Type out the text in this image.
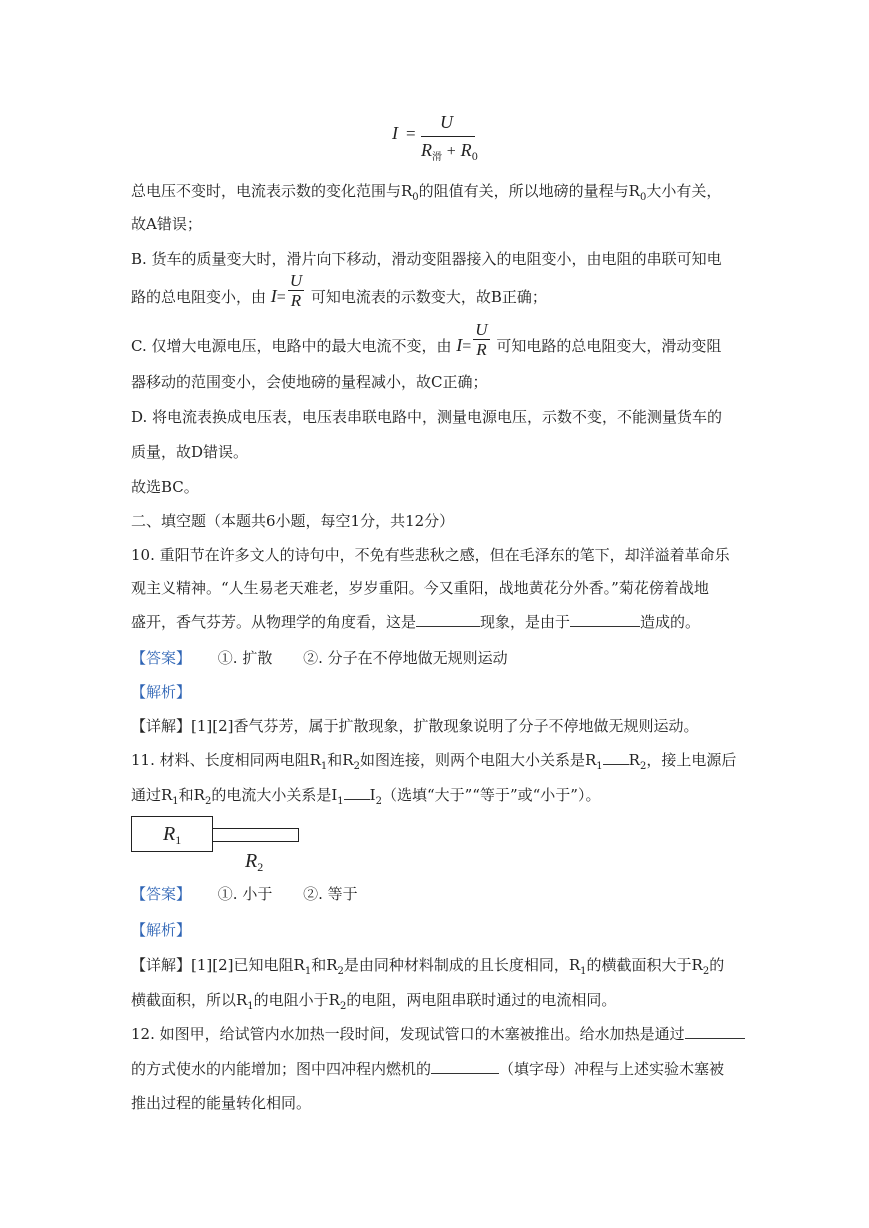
I =
U
$R_滑 + R_0$
总电压不变时，电流表示数的变化范围与$R_0$的阻值有关，所以地磅的量程与$R_0$大小有关，
故A错误；
B. 货车的质量变大时，滑片向下移动，滑动变阻器接入的电阻变小，由电阻的串联可知电
路的总电阻变小，由 $I= \frac{U}{R}$ 可知电流表的示数变大，故B正确；
C. 仅增大电源电压，电路中的最大电流不变，由 $I= \frac{U}{R}$ 可知电路的总电阻变大，滑动变阻
器移动的范围变小，会使地磅的量程减小，故C正确；
D. 将电流表换成电压表，电压表串联电路中，测量电源电压，示数不变，不能测量货车的
质量，故D错误。
故选BC。
二、填空题（本题共6小题，每空1分，共12分）
10. 重阳节在许多文人的诗句中，不免有些悲秋之感，但在毛泽东的笔下，却洋溢着革命乐
观主义精神。“人生易老天难老，岁岁重阳。今又重阳，战地黄花分外香。”菊花傍着战地
盛开，香气芬芳。从物理学的角度看，这是	现象，是由于	造成的。
【答案】 ①. 扩散 ②. 分子在不停地做无规则运动
【解析】
【详解】[1][2]香气芬芳，属于扩散现象，扩散现象说明了分子不停地做无规则运动。
11. 材料、长度相同两电阻$R_1$和$R_2$如图连接，则两个电阻大小关系是$R_1$ $R_2$，接上电源后
通过$R_1$和$R_2$的电流大小关系是$I_1$ $I_2$（选填“大于”“等于”或“小于”）。
$R_1$
$R_2$
【答案】 ①. 小于 ②. 等于
【解析】
【详解】[1][2]已知电阻$R_1$和$R_2$是由同种材料制成的且长度相同，$R_1$的横截面积大于$R_2$的
横截面积，所以$R_1$的电阻小于$R_2$的电阻，两电阻串联时通过的电流相同。
12. 如图甲，给试管内水加热一段时间，发现试管口的木塞被推出。给水加热是通过
的方式使水的内能增加；图中四冲程内燃机的	（填字母）冲程与上述实验木塞被
推出过程的能量转化相同。
